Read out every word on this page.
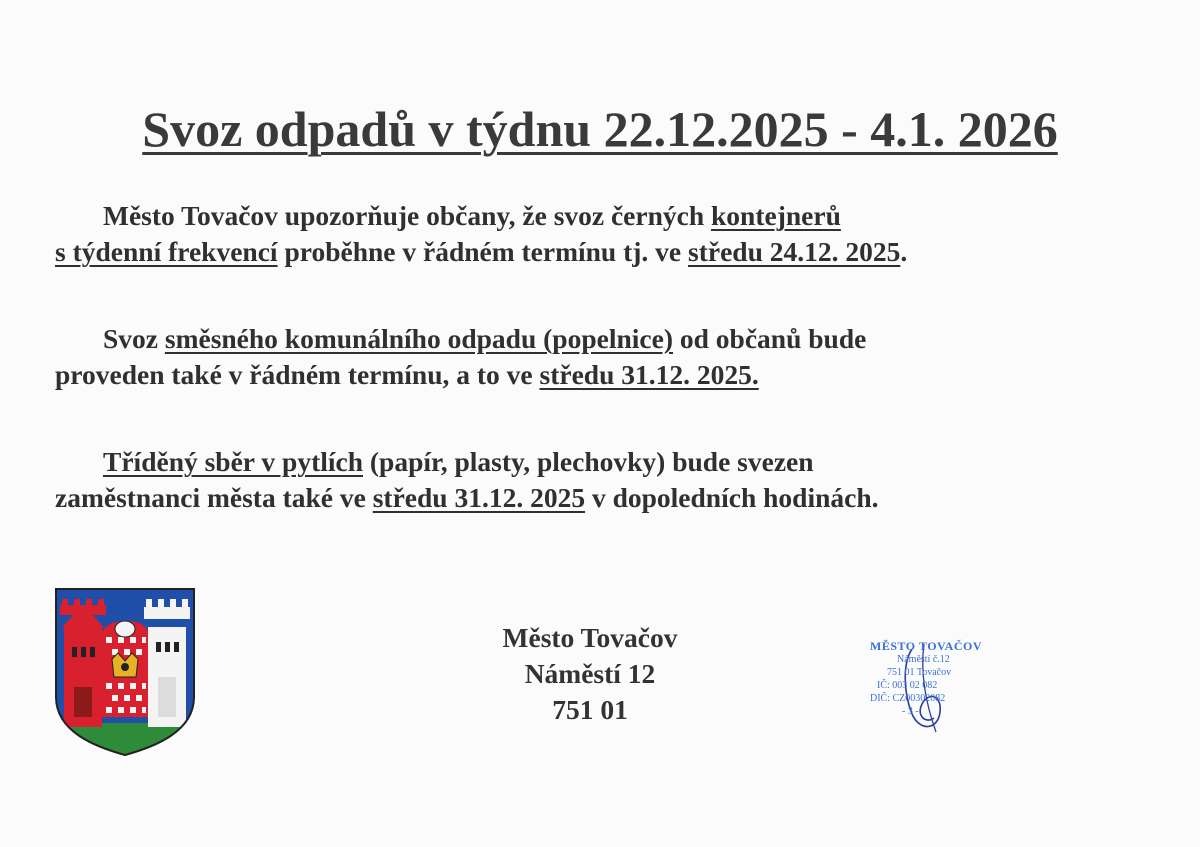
Svoz odpadů v týdnu 22.12.2025 - 4.1. 2026
Město Tovačov upozorňuje občany, že svoz černých kontejnerů
s týdenní frekvencí proběhne v řádném termínu tj. ve středu 24.12. 2025.
Svoz směsného komunálního odpadu (popelnice) od občanů bude
proveden také v řádném termínu, a to ve středu 31.12. 2025.
Tříděný sběr v pytlích (papír, plasty, plechovky) bude svezen
zaměstnanci města také ve středu 31.12. 2025 v dopoledních hodinách.
Město Tovačov
Náměstí 12
751 01
MĚSTO TOVAČOV
Náměstí č.12
751 01 Tovačov
IČ: 003 02 082
DIČ: CZ00302082
- 3 -
